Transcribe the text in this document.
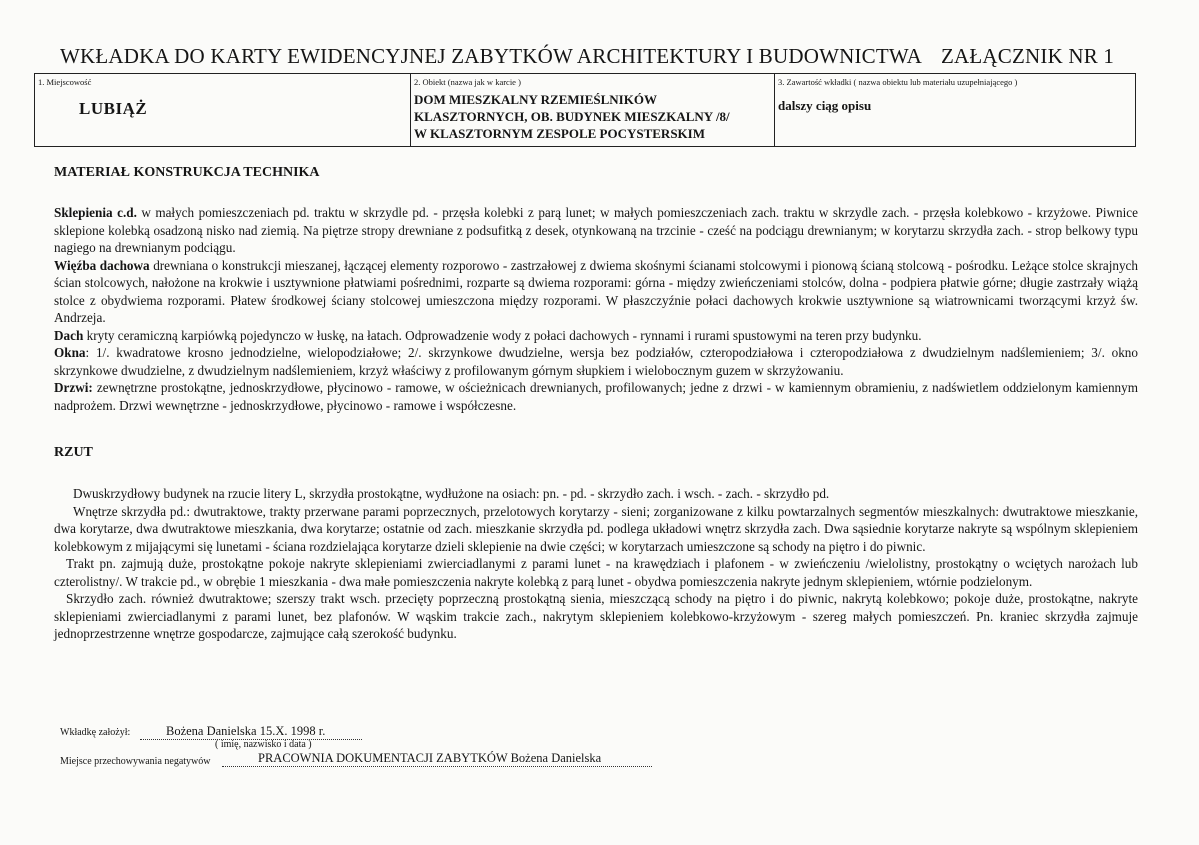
WKŁADKA DO KARTY EWIDENCYJNEJ ZABYTKÓW ARCHITEKTURY I BUDOWNICTWA ZAŁĄCZNIK NR 1
1. Miejscowość
LUBIĄŻ
2. Obiekt (nazwa jak w karcie )
DOM MIESZKALNY RZEMIEŚLNIKÓW
KLASZTORNYCH, OB. BUDYNEK MIESZKALNY /8/
W KLASZTORNYM ZESPOLE POCYSTERSKIM
3. Zawartość wkładki ( nazwa obiektu lub materiału uzupełniającego )
dalszy ciąg opisu
MATERIAŁ KONSTRUKCJA TECHNIKA

Sklepienia c.d. w małych pomieszczeniach pd. traktu w skrzydle pd. - przęsła kolebki z parą lunet; w małych pomieszczeniach zach. traktu w skrzydle zach. - przęsła kolebkowo - krzyżowe. Piwnice sklepione kolebką osadzoną nisko nad ziemią. Na piętrze stropy drewniane z podsufitką z desek, otynkowaną na trzcinie - cześć na podciągu drewnianym; w korytarzu skrzydła zach. - strop belkowy typu nagiego na drewnianym podciągu.

Więźba dachowa drewniana o konstrukcji mieszanej, łączącej elementy rozporowo - zastrzałowej z dwiema skośnymi ścianami stolcowymi i pionową ścianą stolcową - pośrodku. Leżące stolce skrajnych ścian stolcowych, nałożone na krokwie i usztywnione płatwiami pośrednimi, rozparte są dwiema rozporami: górna - między zwieńczeniami stolców, dolna - podpiera płatwie górne; długie zastrzały wiążą stolce z obydwiema rozporami. Płatew środkowej ściany stolcowej umieszczona między rozporami. W płaszczyźnie połaci dachowych krokwie usztywnione są wiatrownicami tworzącymi krzyż św. Andrzeja.

Dach kryty ceramiczną karpiówką pojedynczo w łuskę, na łatach. Odprowadzenie wody z połaci dachowych - rynnami i rurami spustowymi na teren przy budynku.

Okna: 1/. kwadratowe krosno jednodzielne, wielopodziałowe; 2/. skrzynkowe dwudzielne, wersja bez podziałów, czteropodziałowa i czteropodziałowa z dwudzielnym nadślemieniem; 3/. okno skrzynkowe dwudzielne, z dwudzielnym nadślemieniem, krzyż właściwy z profilowanym górnym słupkiem i wielobocznym guzem w skrzyżowaniu.

Drzwi: zewnętrzne prostokątne, jednoskrzydłowe, płycinowo - ramowe, w ościeżnicach drewnianych, profilowanych; jedne z drzwi - w kamiennym obramieniu, z nadświetlem oddzielonym kamiennym nadprożem. Drzwi wewnętrzne - jednoskrzydłowe, płycinowo - ramowe i współczesne.

RZUT

Dwuskrzydłowy budynek na rzucie litery L, skrzydła prostokątne, wydłużone na osiach: pn. - pd. - skrzydło zach. i wsch. - zach. - skrzydło pd.

Wnętrze skrzydła pd.: dwutraktowe, trakty przerwane parami poprzecznych, przelotowych korytarzy - sieni; zorganizowane z kilku powtarzalnych segmentów mieszkalnych: dwutraktowe mieszkanie, dwa korytarze, dwa dwutraktowe mieszkania, dwa korytarze; ostatnie od zach. mieszkanie skrzydła pd. podlega układowi wnętrz skrzydła zach. Dwa sąsiednie korytarze nakryte są wspólnym sklepieniem kolebkowym z mijającymi się lunetami - ściana rozdzielająca korytarze dzieli sklepienie na dwie części; w korytarzach umieszczone są schody na piętro i do piwnic.

Trakt pn. zajmują duże, prostokątne pokoje nakryte sklepieniami zwierciadlanymi z parami lunet - na krawędziach i plafonem - w zwieńczeniu /wielolistny, prostokątny o wciętych narożach lub czterolistny/. W trakcie pd., w obrębie 1 mieszkania - dwa małe pomieszczenia nakryte kolebką z parą lunet - obydwa pomieszczenia nakryte jednym sklepieniem, wtórnie podzielonym.

Skrzydło zach. również dwutraktowe; szerszy trakt wsch. przecięty poprzeczną prostokątną sienia, mieszczącą schody na piętro i do piwnic, nakrytą kolebkowo; pokoje duże, prostokątne, nakryte sklepieniami zwierciadlanymi z parami lunet, bez plafonów. W wąskim trakcie zach., nakrytym sklepieniem kolebkowo-krzyżowym - szereg małych pomieszczeń. Pn. kraniec skrzydła zajmuje jednoprzestrzenne wnętrze gospodarcze, zajmujące całą szerokość budynku.

Wkładkę założył:	Bożena Danielska 15.X. 1998 r.
( imię, nazwisko i data )
Miejsce przechowywania negatywów	PRACOWNIA DOKUMENTACJI ZABYTKÓW Bożena Danielska
